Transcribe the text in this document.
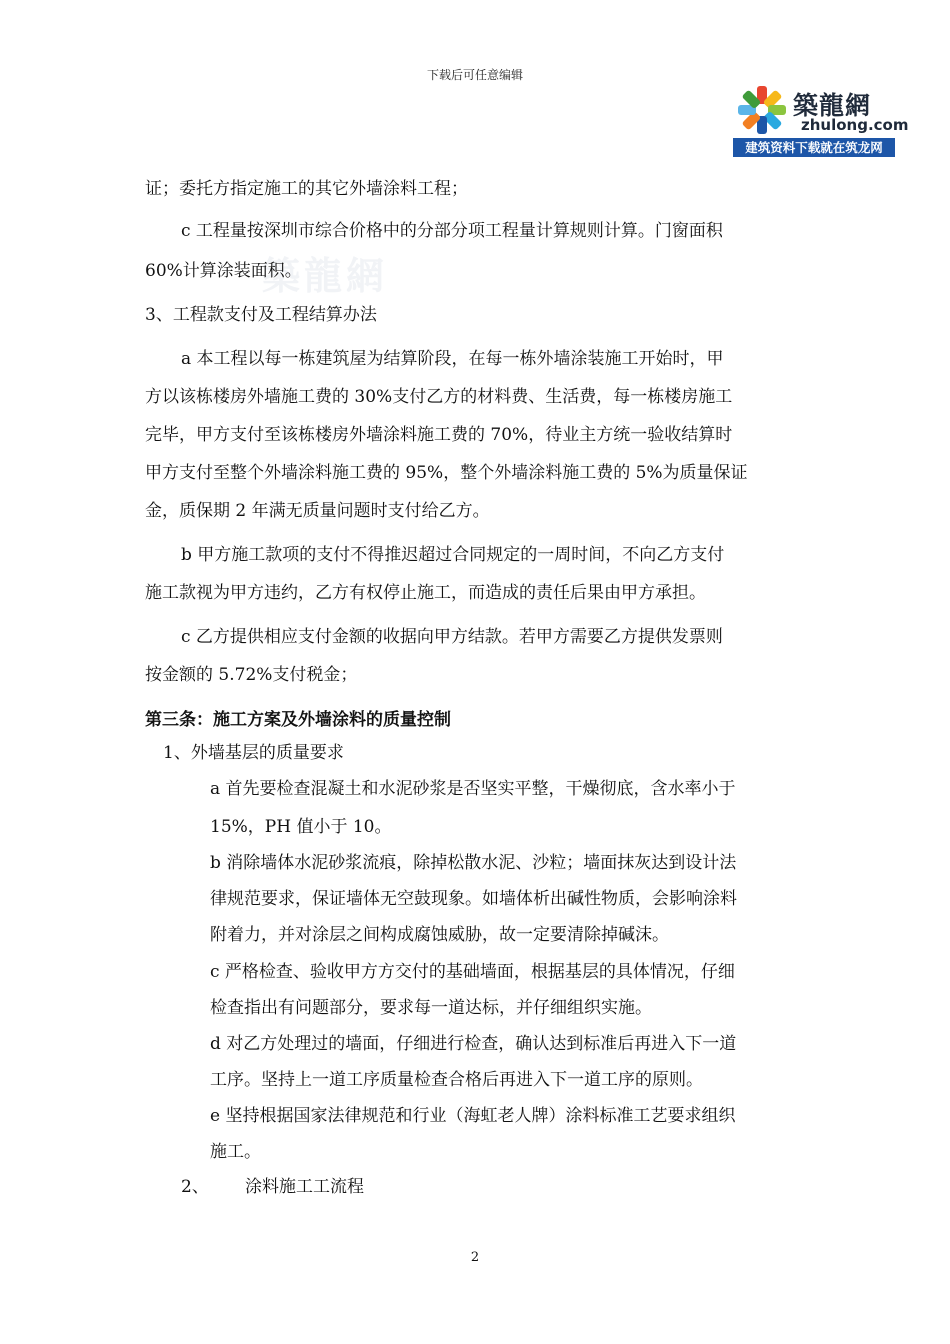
下载后可任意编辑
築龍網
zhulong.com
建筑资料下载就在筑龙网
築龍網
证；委托方指定施工的其它外墙涂料工程；
c 工程量按深圳市综合价格中的分部分项工程量计算规则计算。门窗面积
60%计算涂装面积。
3、工程款支付及工程结算办法
a 本工程以每一栋建筑屋为结算阶段，在每一栋外墙涂装施工开始时，甲
方以该栋楼房外墙施工费的 30%支付乙方的材料费、生活费，每一栋楼房施工
完毕，甲方支付至该栋楼房外墙涂料施工费的 70%，待业主方统一验收结算时
甲方支付至整个外墙涂料施工费的 95%，整个外墙涂料施工费的 5%为质量保证
金，质保期 2 年满无质量问题时支付给乙方。
b 甲方施工款项的支付不得推迟超过合同规定的一周时间，不向乙方支付
施工款视为甲方违约，乙方有权停止施工，而造成的责任后果由甲方承担。
c 乙方提供相应支付金额的收据向甲方结款。若甲方需要乙方提供发票则
按金额的 5.72%支付税金；
第三条：施工方案及外墙涂料的质量控制
1、外墙基层的质量要求
a 首先要检查混凝土和水泥砂浆是否坚实平整，干燥彻底，含水率小于
15%，PH 值小于 10。
b 消除墙体水泥砂浆流痕，除掉松散水泥、沙粒；墙面抹灰达到设计法
律规范要求，保证墙体无空鼓现象。如墙体析出碱性物质，会影响涂料
附着力，并对涂层之间构成腐蚀威胁，故一定要清除掉碱沫。
c 严格检查、验收甲方方交付的基础墙面，根据基层的具体情况，仔细
检查指出有问题部分，要求每一道达标，并仔细组织实施。
d 对乙方处理过的墙面，仔细进行检查，确认达到标准后再进入下一道
工序。坚持上一道工序质量检查合格后再进入下一道工序的原则。
e 坚持根据国家法律规范和行业（海虹老人牌）涂料标准工艺要求组织
施工。
2、 涂料施工工流程
2
